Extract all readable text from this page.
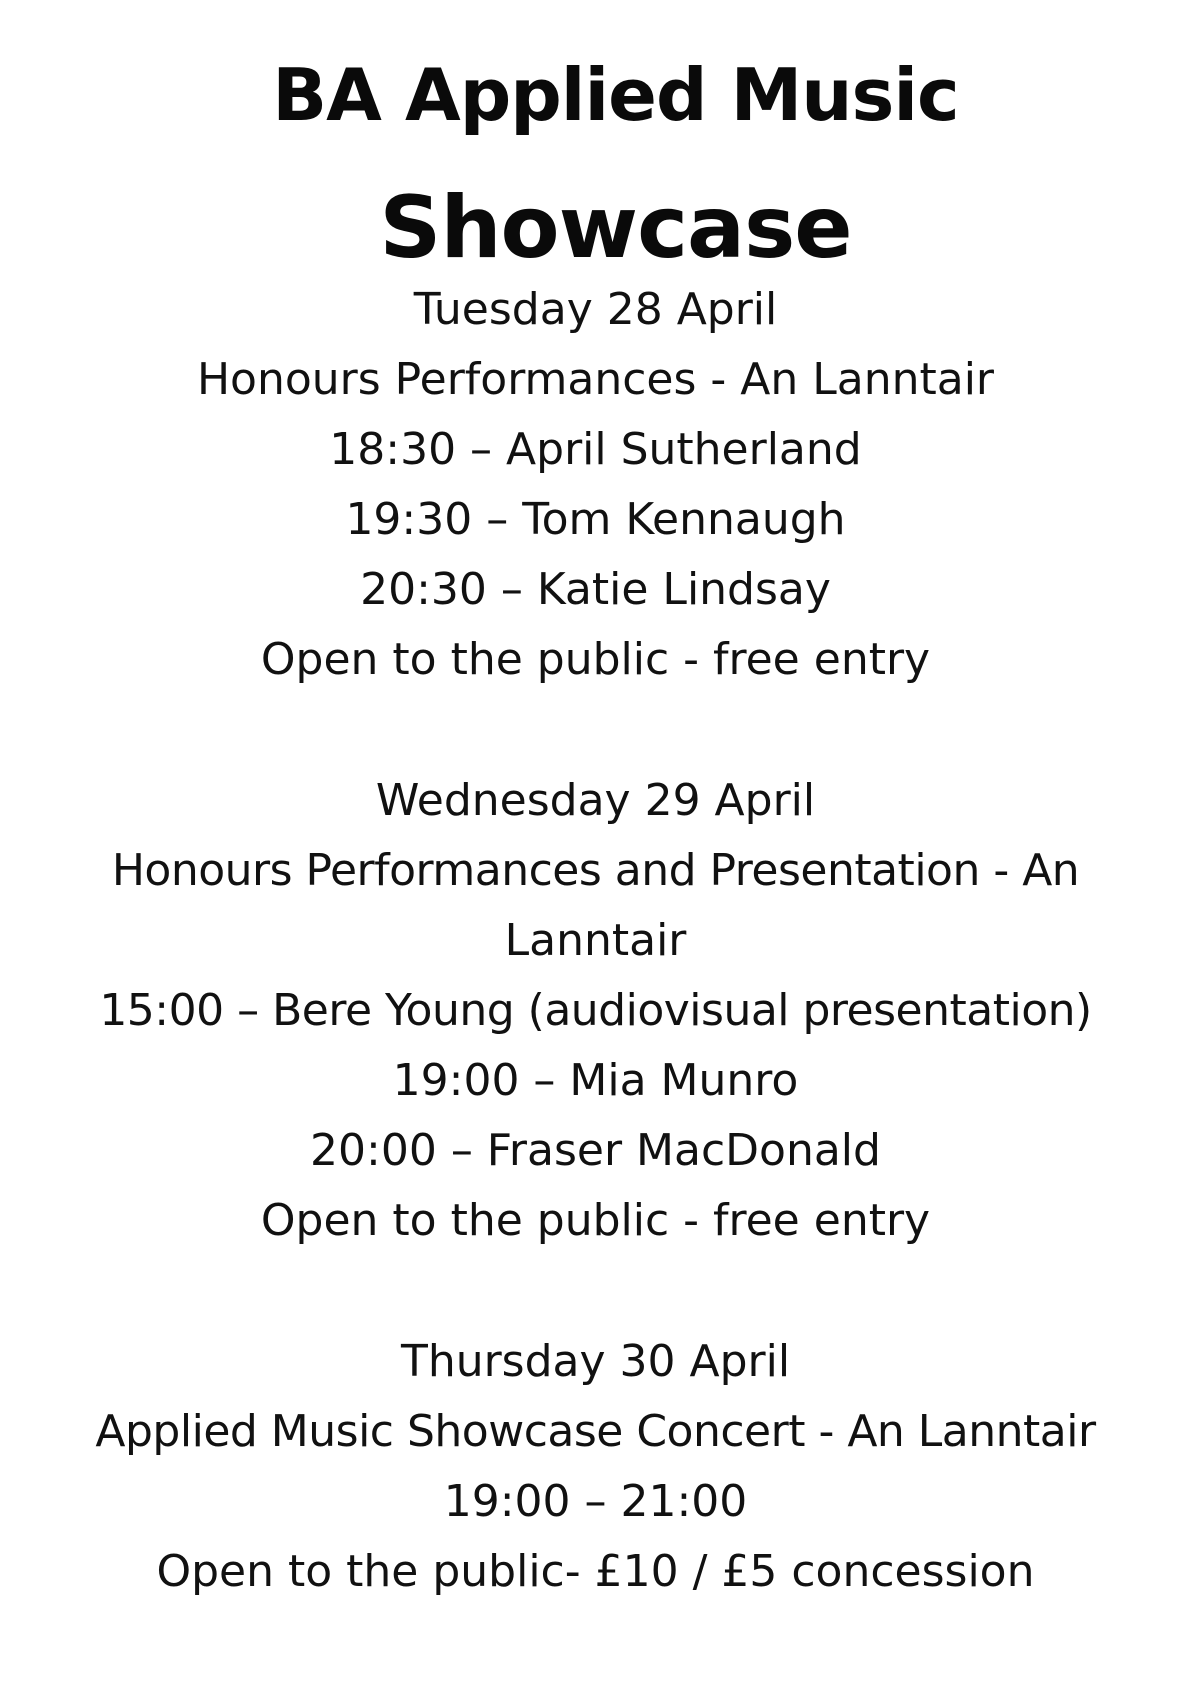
BA Applied Music
Showcase
Tuesday 28 April
Honours Performances - An Lanntair
18:30 – April Sutherland
19:30 – Tom Kennaugh
20:30 – Katie Lindsay
Open to the public - free entry
Wednesday 29 April
Honours Performances and Presentation - An
Lanntair
15:00 – Bere Young (audiovisual presentation)
19:00 – Mia Munro
20:00 – Fraser MacDonald
Open to the public - free entry
Thursday 30 April
Applied Music Showcase Concert - An Lanntair
19:00 – 21:00
Open to the public- £10 / £5 concession
